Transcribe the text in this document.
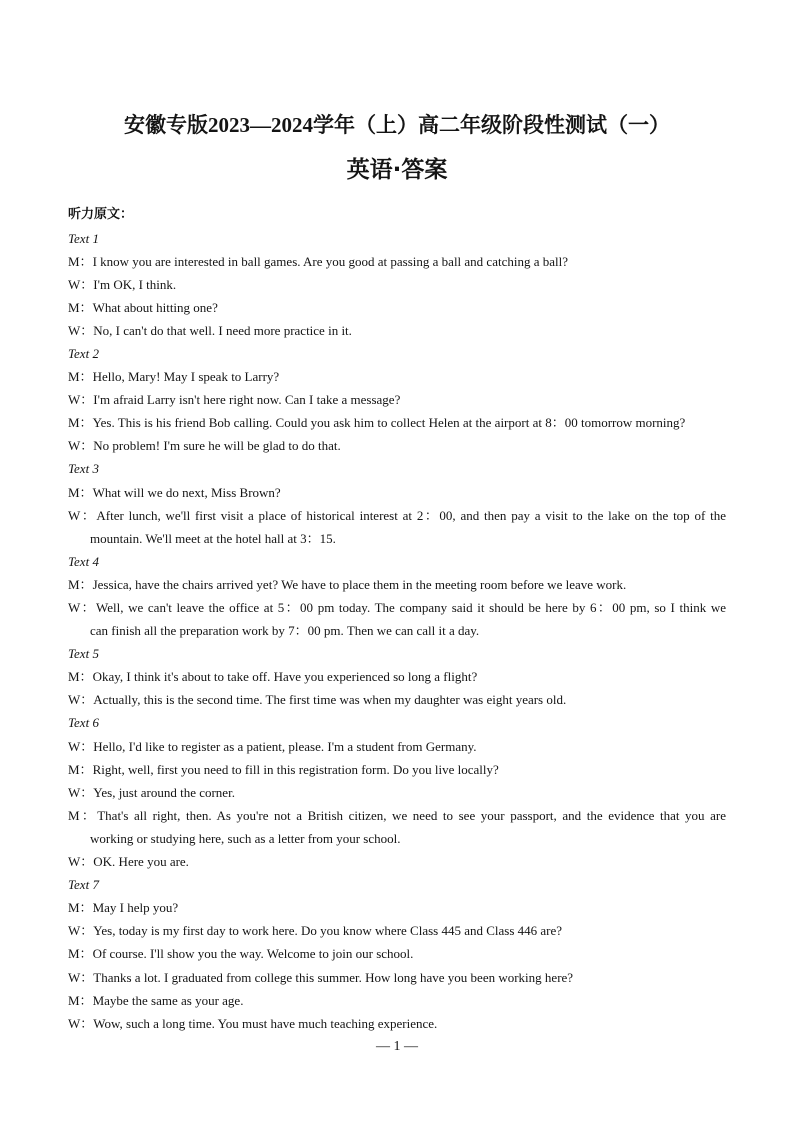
安徽专版2023—2024学年（上）高二年级阶段性测试（一）
英语·答案
听力原文：
Text 1
M：I know you are interested in ball games. Are you good at passing a ball and catching a ball?
W：I'm OK, I think.
M：What about hitting one?
W：No, I can't do that well. I need more practice in it.
Text 2
M：Hello, Mary! May I speak to Larry?
W：I'm afraid Larry isn't here right now. Can I take a message?
M：Yes. This is his friend Bob calling. Could you ask him to collect Helen at the airport at 8：00 tomorrow morning?
W：No problem! I'm sure he will be glad to do that.
Text 3
M：What will we do next, Miss Brown?
W：After lunch, we'll first visit a place of historical interest at 2：00, and then pay a visit to the lake on the top of the
mountain. We'll meet at the hotel hall at 3：15.
Text 4
M：Jessica, have the chairs arrived yet? We have to place them in the meeting room before we leave work.
W：Well, we can't leave the office at 5：00 pm today. The company said it should be here by 6：00 pm, so I think we
can finish all the preparation work by 7：00 pm. Then we can call it a day.
Text 5
M：Okay, I think it's about to take off. Have you experienced so long a flight?
W：Actually, this is the second time. The first time was when my daughter was eight years old.
Text 6
W：Hello, I'd like to register as a patient, please. I'm a student from Germany.
M：Right, well, first you need to fill in this registration form. Do you live locally?
W：Yes, just around the corner.
M：That's all right, then. As you're not a British citizen, we need to see your passport, and the evidence that you are
working or studying here, such as a letter from your school.
W：OK. Here you are.
Text 7
M：May I help you?
W：Yes, today is my first day to work here. Do you know where Class 445 and Class 446 are?
M：Of course. I'll show you the way. Welcome to join our school.
W：Thanks a lot. I graduated from college this summer. How long have you been working here?
M：Maybe the same as your age.
W：Wow, such a long time. You must have much teaching experience.
— 1 —
